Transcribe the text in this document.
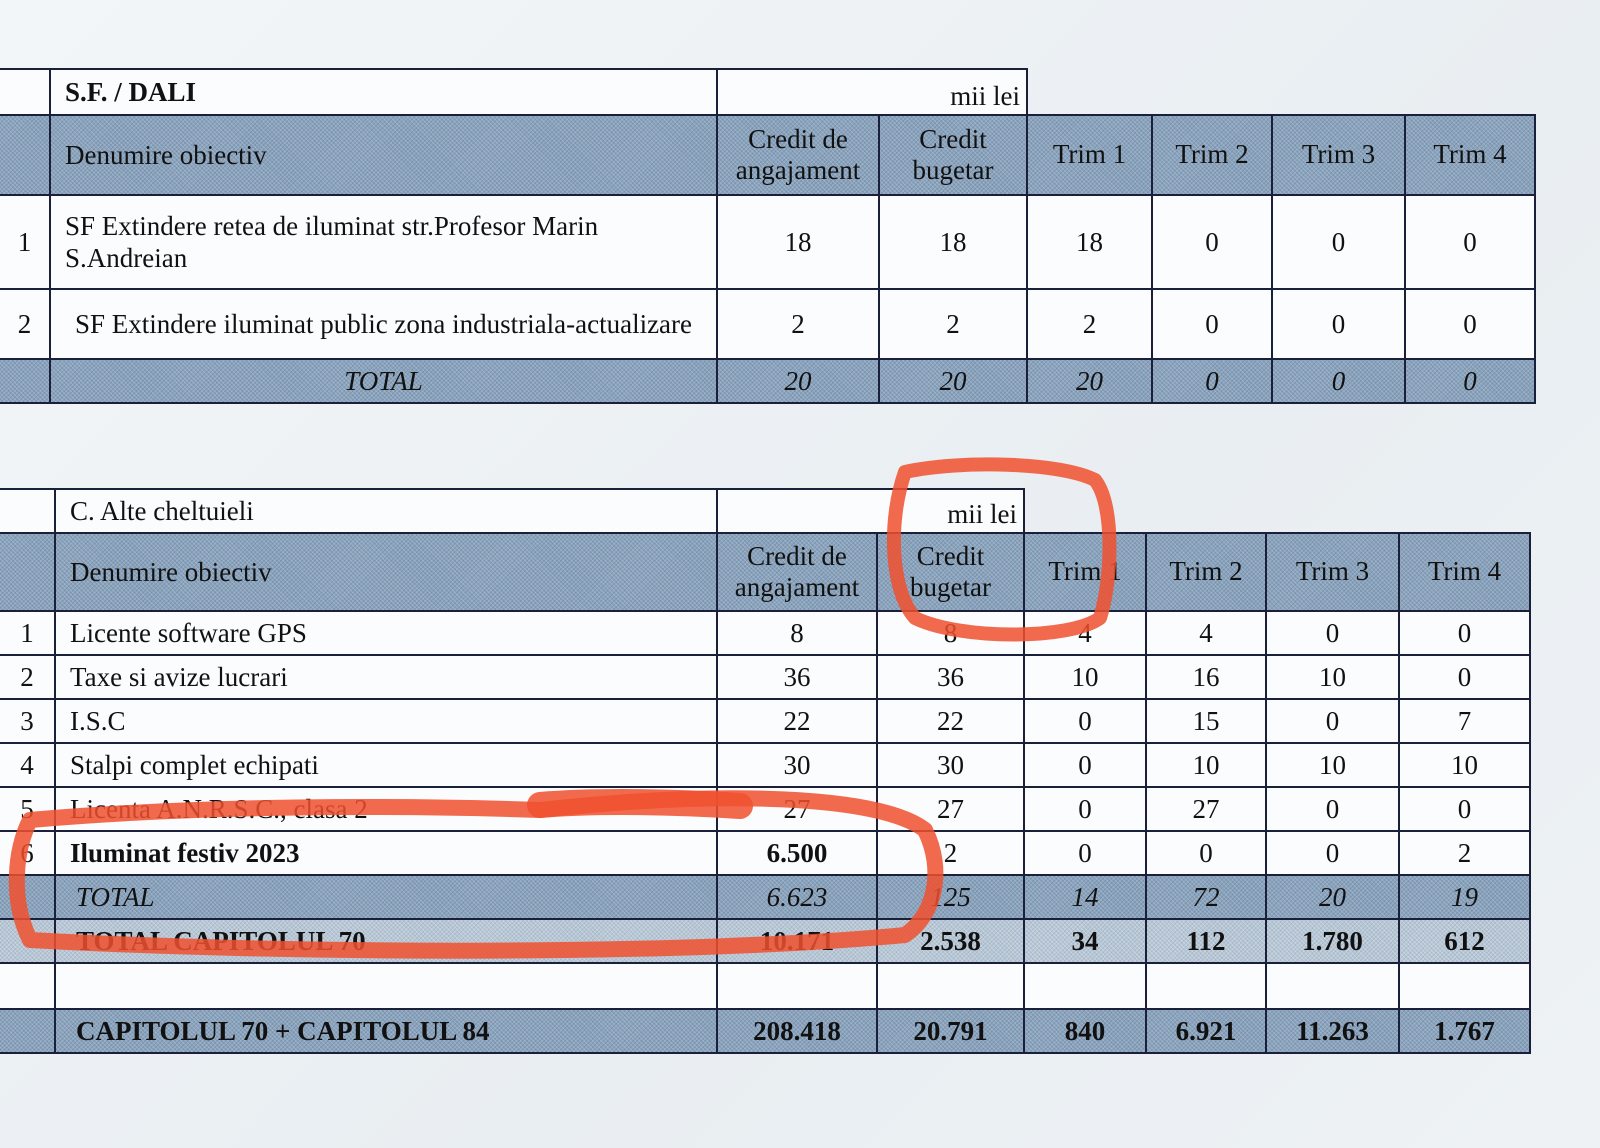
	S.F. / DALI	mii lei					
	Denumire obiectiv	Credit de angajament	Credit bugetar	Trim 1	Trim 2	Trim 3	Trim 4
1	SF Extindere retea de iluminat str.Profesor Marin S.Andreian	18	18	18	0	0	0
2	SF Extindere iluminat public zona industriala-actualizare	2	2	2	0	0	0
	TOTAL	20	20	20	0	0	0
	C. Alte cheltuieli	mii lei					
	Denumire obiectiv	Credit de angajament	Credit bugetar	Trim 1	Trim 2	Trim 3	Trim 4
1	Licente software GPS	8	8	4	4	0	0
2	Taxe si avize lucrari	36	36	10	16	10	0
3	I.S.C	22	22	0	15	0	7
4	Stalpi complet echipati	30	30	0	10	10	10
5	Licenta A.N.R.S.C., clasa 2	27	27	0	27	0	0
6	Iluminat festiv 2023	6.500	2	0	0	0	2
	TOTAL	6.623	125	14	72	20	19
	TOTAL CAPITOLUL 70	10.171	2.538	34	112	1.780	612

	CAPITOLUL 70 + CAPITOLUL 84	208.418	20.791	840	6.921	11.263	1.767
